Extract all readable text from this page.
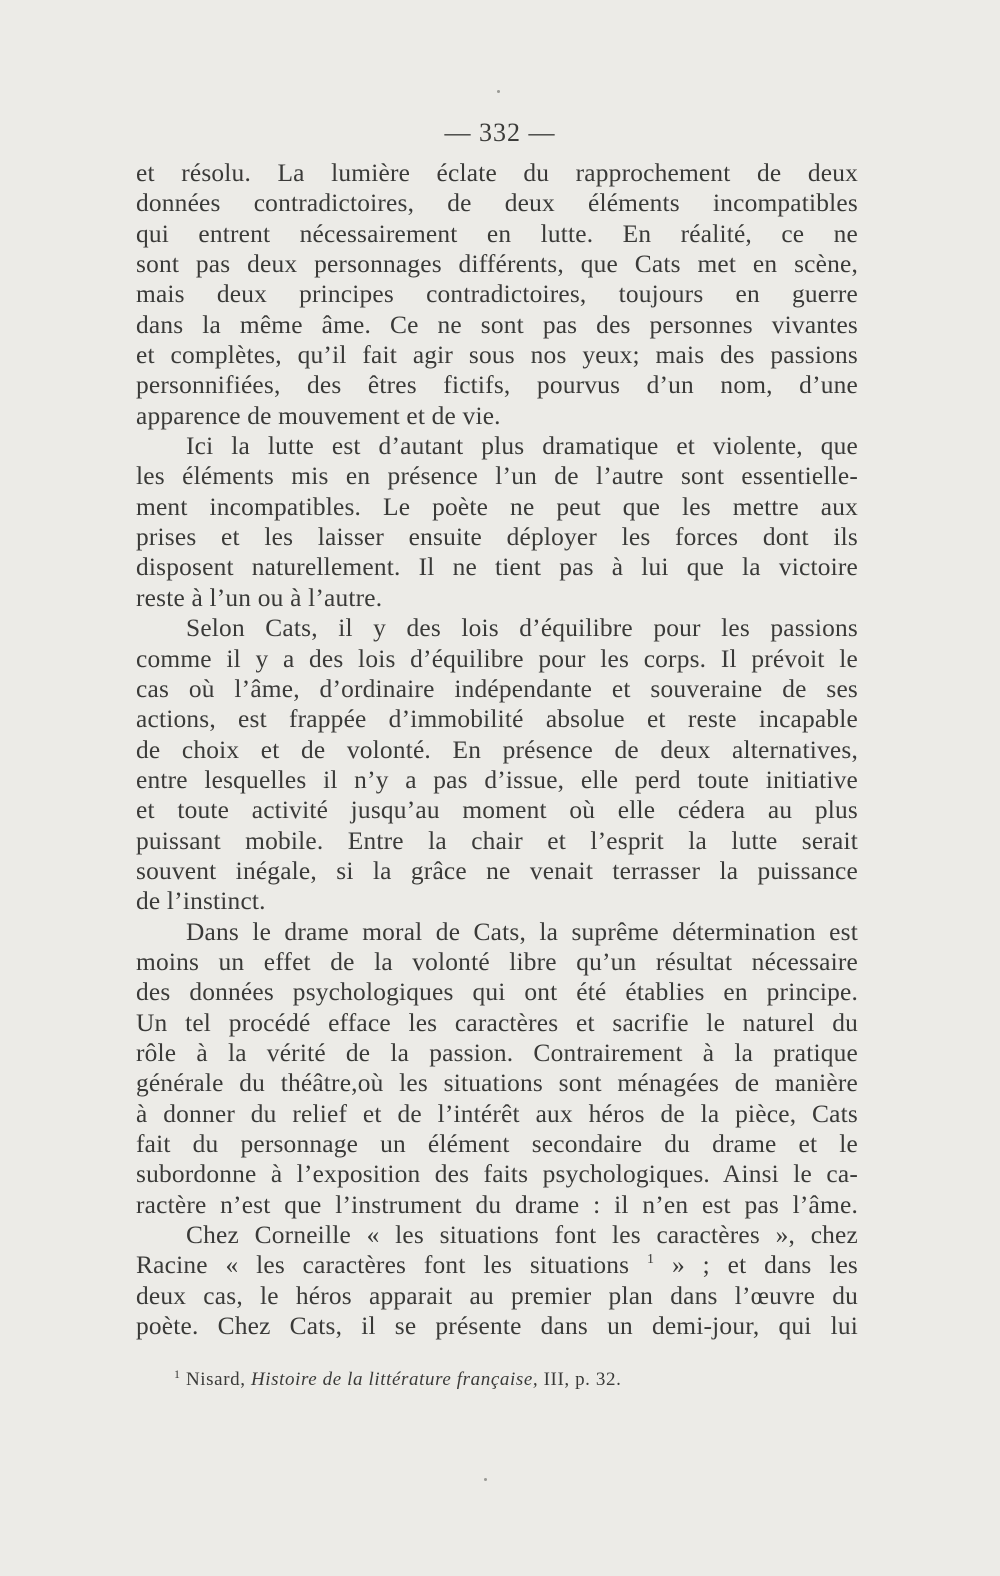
— 332 —
et résolu. La lumière éclate du rapprochement de deux
données contradictoires, de deux éléments incompatibles
qui entrent nécessairement en lutte. En réalité, ce ne
sont pas deux personnages différents, que Cats met en scène,
mais deux principes contradictoires, toujours en guerre
dans la même âme. Ce ne sont pas des personnes vivantes
et complètes, qu’il fait agir sous nos yeux; mais des passions
personnifiées, des êtres fictifs, pourvus d’un nom, d’une
apparence de mouvement et de vie.
Ici la lutte est d’autant plus dramatique et violente, que
les éléments mis en présence l’un de l’autre sont essentielle-
ment incompatibles. Le poète ne peut que les mettre aux
prises et les laisser ensuite déployer les forces dont ils
disposent naturellement. Il ne tient pas à lui que la victoire
reste à l’un ou à l’autre.
Selon Cats, il y des lois d’équilibre pour les passions
comme il y a des lois d’équilibre pour les corps. Il prévoit le
cas où l’âme, d’ordinaire indépendante et souveraine de ses
actions, est frappée d’immobilité absolue et reste incapable
de choix et de volonté. En présence de deux alternatives,
entre lesquelles il n’y a pas d’issue, elle perd toute initiative
et toute activité jusqu’au moment où elle cédera au plus
puissant mobile. Entre la chair et l’esprit la lutte serait
souvent inégale, si la grâce ne venait terrasser la puissance
de l’instinct.
Dans le drame moral de Cats, la suprême détermination est
moins un effet de la volonté libre qu’un résultat nécessaire
des données psychologiques qui ont été établies en principe.
Un tel procédé efface les caractères et sacrifie le naturel du
rôle à la vérité de la passion. Contrairement à la pratique
générale du théâtre,où les situations sont ménagées de manière
à donner du relief et de l’intérêt aux héros de la pièce, Cats
fait du personnage un élément secondaire du drame et le
subordonne à l’exposition des faits psychologiques. Ainsi le ca-
ractère n’est que l’instrument du drame : il n’en est pas l’âme.
Chez Corneille « les situations font les caractères », chez
Racine « les caractères font les situations $^1$ » ; et dans les
deux cas, le héros apparait au premier plan dans l’œuvre du
poète. Chez Cats, il se présente dans un demi-jour, qui lui
$^1$ Nisard, Histoire de la littérature française, III, p. 32.
